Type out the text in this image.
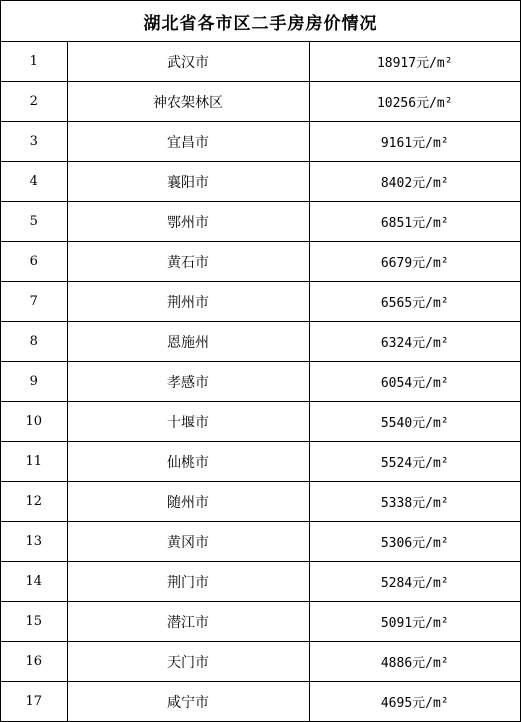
湖北省各市区二手房房价情况
1	武汉市	18917元/m²
2	神农架林区	10256元/m²
3	宜昌市	9161元/m²
4	襄阳市	8402元/m²
5	鄂州市	6851元/m²
6	黄石市	6679元/m²
7	荆州市	6565元/m²
8	恩施州	6324元/m²
9	孝感市	6054元/m²
10	十堰市	5540元/m²
11	仙桃市	5524元/m²
12	随州市	5338元/m²
13	黄冈市	5306元/m²
14	荆门市	5284元/m²
15	潜江市	5091元/m²
16	天门市	4886元/m²
17	咸宁市	4695元/m²
